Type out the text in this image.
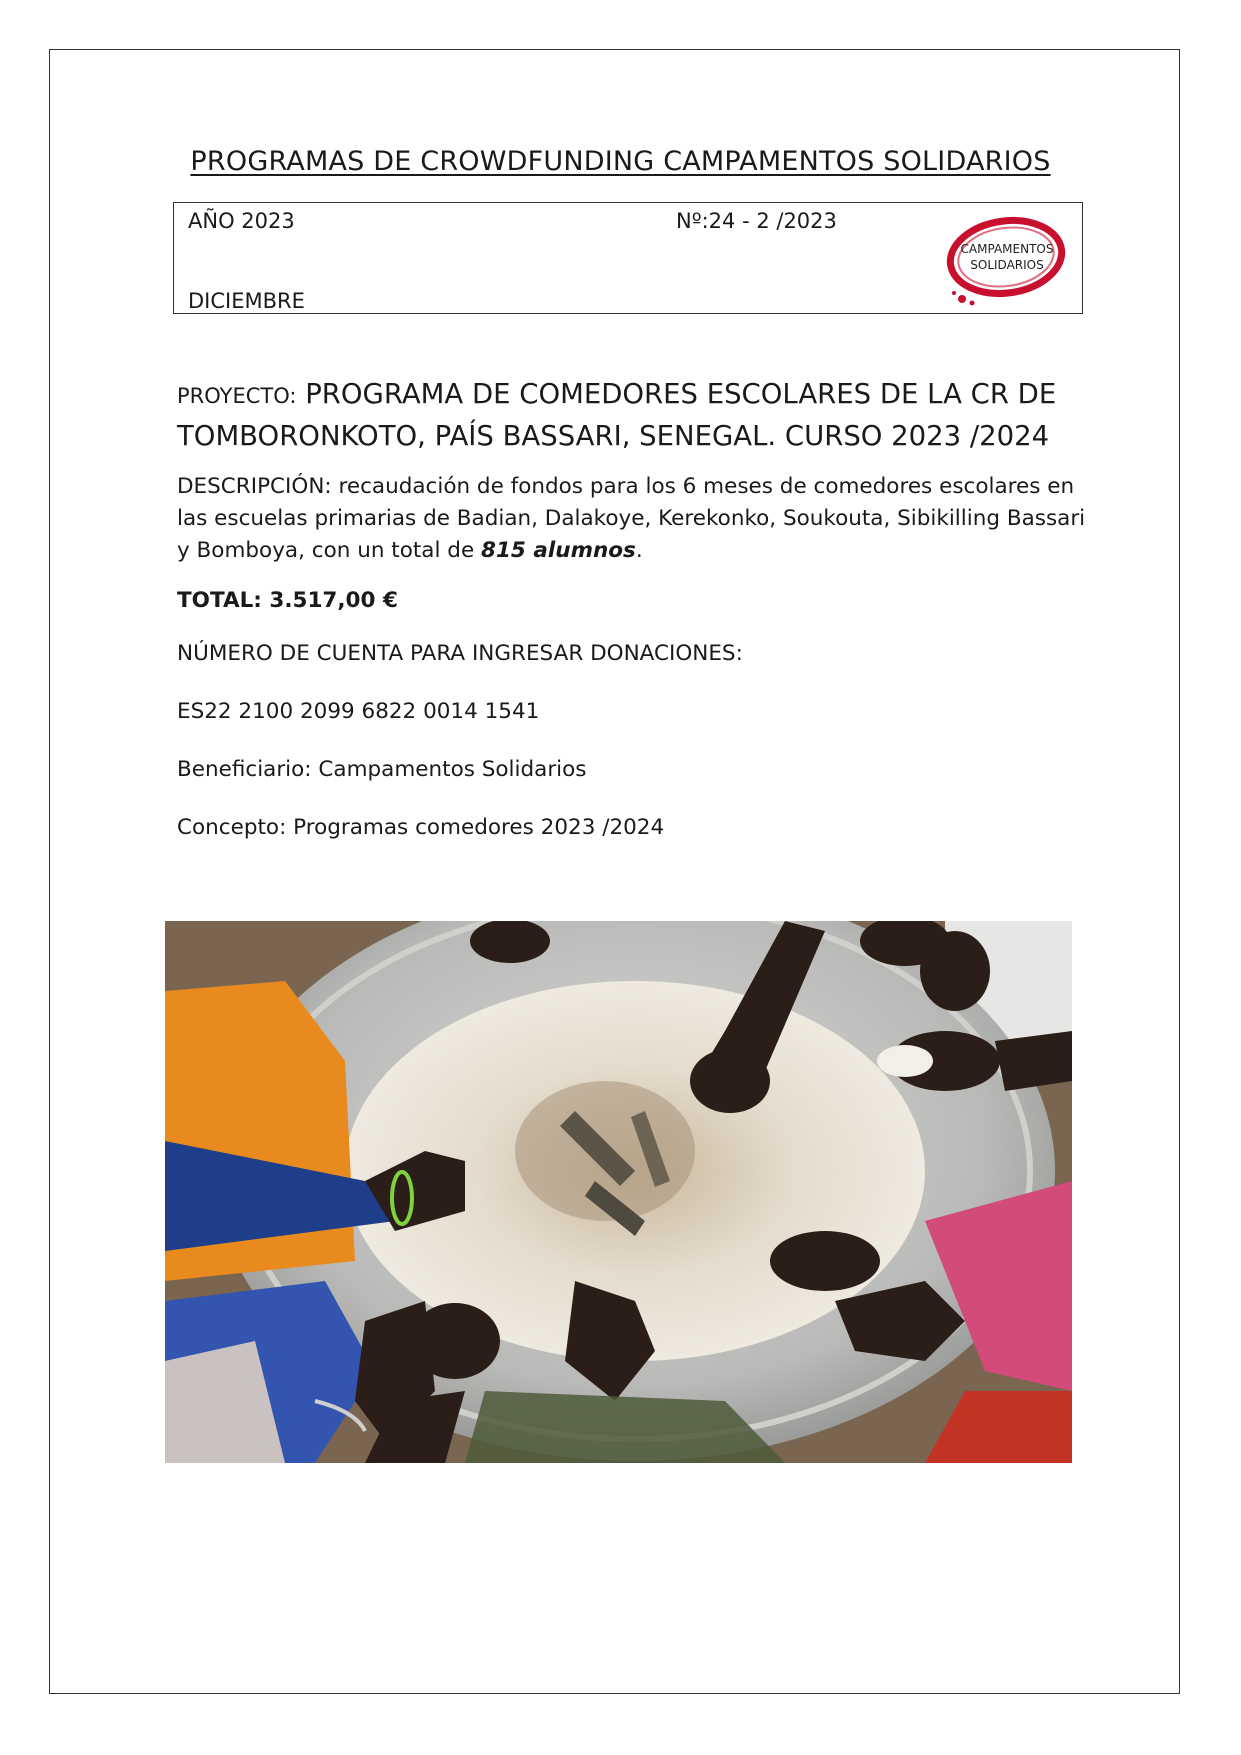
PROGRAMAS DE CROWDFUNDING CAMPAMENTOS SOLIDARIOS
AÑO 2023	Nº:24 - 2 /2023
DICIEMBRE
CAMPAMENTOS
SOLIDARIOS
PROYECTO: PROGRAMA DE COMEDORES ESCOLARES DE LA CR DE TOMBORONKOTO, PAÍS BASSARI, SENEGAL. CURSO 2023 /2024
DESCRIPCIÓN: recaudación de fondos para los 6 meses de comedores escolares en las escuelas primarias de Badian, Dalakoye, Kerekonko, Soukouta, Sibikilling Bassari y Bomboya, con un total de 815 alumnos.
TOTAL: 3.517,00 €
NÚMERO DE CUENTA PARA INGRESAR DONACIONES:
ES22 2100 2099 6822 0014 1541
Beneficiario: Campamentos Solidarios
Concepto: Programas comedores 2023 /2024
